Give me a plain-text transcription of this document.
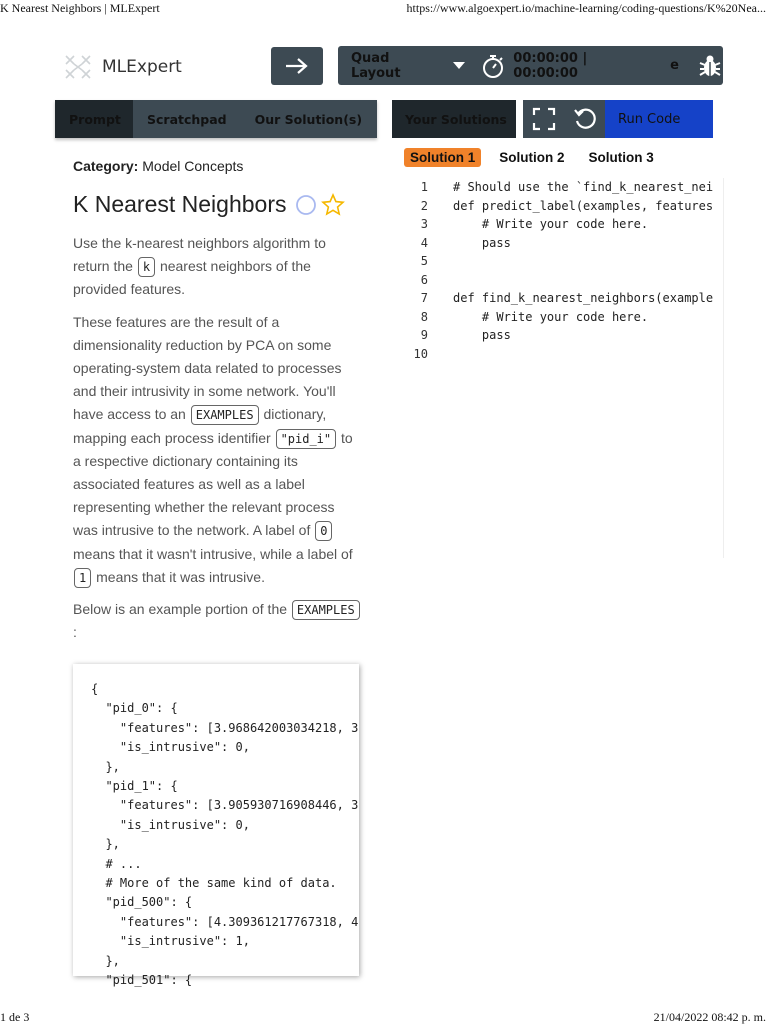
K Nearest Neighbors | MLExpert	https://www.algoexpert.io/machine-learning/coding-questions/K%20Nea...
MLExpert	Quad Layout
00:00:00 | 00:00:00	e
Prompt	Scratchpad	Our Solution(s)	Your Solutions	Run Code
Solution 1	Solution 2	Solution 3
1 # Should use the `find_k_nearest_nei
2 def predict_label(examples, features
3 # Write your code here.
4 pass
5
6
7 def find_k_nearest_neighbors(example
8 # Write your code here.
9 pass
10
Category: Model Concepts
K Nearest Neighbors
Use the k-nearest neighbors algorithm to return the k nearest neighbors of the provided features.
These features are the result of a dimensionality reduction by PCA on some operating-system data related to processes and their intrusivity in some network. You'll have access to an EXAMPLES dictionary, mapping each process identifier "pid_i" to a respective dictionary containing its associated features as well as a label representing whether the relevant process was intrusive to the network. A label of 0 means that it wasn't intrusive, while a label of 1 means that it was intrusive.
Below is an example portion of the EXAMPLES:
{
"pid_0": {
"features": [3.968642003034218, 3
"is_intrusive": 0,
},
"pid_1": {
"features": [3.905930716908446, 3
"is_intrusive": 0,
},
# ...
# More of the same kind of data.
"pid_500": {
"features": [4.309361217767318, 4
"is_intrusive": 1,
},
"pid_501": {

1 de 3	21/04/2022 08:42 p. m.
